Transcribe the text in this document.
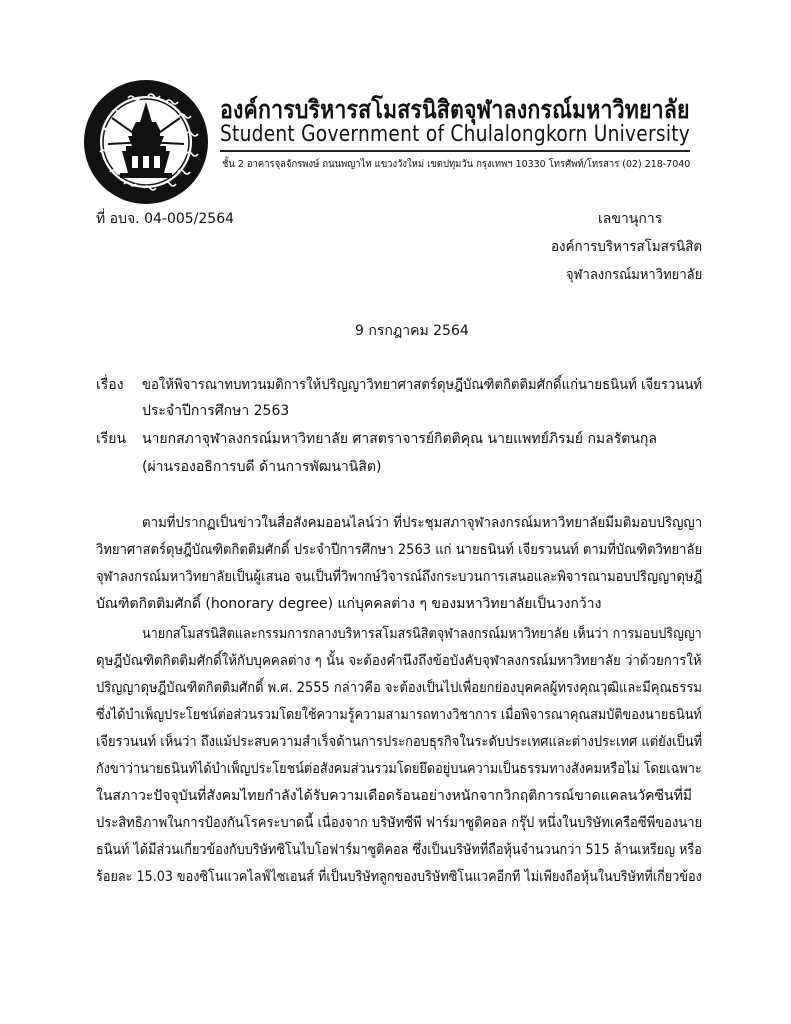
องค์การบริหารสโมสรนิสิตจุฬาลงกรณ์มหาวิทยาลัย
Student Government of Chulalongkorn University
ชั้น 2 อาคารจุลจักรพงษ์ ถนนพญาไท แขวงวังใหม่ เขตปทุมวัน กรุงเทพฯ 10330 โทรศัพท์/โทรสาร (02) 218-7040
ที่ อบจ. 04-005/2564	เลขานุการ
องค์การบริหารสโมสรนิสิต
จุฬาลงกรณ์มหาวิทยาลัย
9 กรกฎาคม 2564
เรื่อง ขอให้พิจารณาทบทวนมติการให้ปริญญาวิทยาศาสตร์ดุษฎีบัณฑิตกิตติมศักดิ์แก่นายธนินท์ เจียรวนนท์
ประจำปีการศึกษา 2563
เรียน นายกสภาจุฬาลงกรณ์มหาวิทยาลัย ศาสตราจารย์กิตติคุณ นายแพทย์ภิรมย์ กมลรัตนกุล
(ผ่านรองอธิการบดี ด้านการพัฒนานิสิต)
ตามที่ปรากฏเป็นข่าวในสื่อสังคมออนไลน์ว่า ที่ประชุมสภาจุฬาลงกรณ์มหาวิทยาลัยมีมติมอบปริญญา
วิทยาศาสตร์ดุษฎีบัณฑิตกิตติมศักดิ์ ประจำปีการศึกษา 2563 แก่ นายธนินท์ เจียรวนนท์ ตามที่บัณฑิตวิทยาลัย
จุฬาลงกรณ์มหาวิทยาลัยเป็นผู้เสนอ จนเป็นที่วิพากษ์วิจารณ์ถึงกระบวนการเสนอและพิจารณามอบปริญญาดุษฎี
บัณฑิตกิตติมศักดิ์ (honorary degree) แก่บุคคลต่าง ๆ ของมหาวิทยาลัยเป็นวงกว้าง
นายกสโมสรนิสิตและกรรมการกลางบริหารสโมสรนิสิตจุฬาลงกรณ์มหาวิทยาลัย เห็นว่า การมอบปริญญา
ดุษฎีบัณฑิตกิตติมศักดิ์ให้กับบุคคลต่าง ๆ นั้น จะต้องคำนึงถึงข้อบังคับจุฬาลงกรณ์มหาวิทยาลัย ว่าด้วยการให้
ปริญญาดุษฎีบัณฑิตกิตติมศักดิ์ พ.ศ. 2555 กล่าวคือ จะต้องเป็นไปเพื่อยกย่องบุคคลผู้ทรงคุณวุฒิและมีคุณธรรม
ซึ่งได้บำเพ็ญประโยชน์ต่อส่วนรวมโดยใช้ความรู้ความสามารถทางวิชาการ เมื่อพิจารณาคุณสมบัติของนายธนินท์
เจียรวนนท์ เห็นว่า ถึงแม้ประสบความสำเร็จด้านการประกอบธุรกิจในระดับประเทศและต่างประเทศ แต่ยังเป็นที่
กังขาว่านายธนินท์ได้บำเพ็ญประโยชน์ต่อสังคมส่วนรวมโดยยึดอยู่บนความเป็นธรรมทางสังคมหรือไม่ โดยเฉพาะ
ในสภาวะปัจจุบันที่สังคมไทยกำลังได้รับความเดือดร้อนอย่างหนักจากวิกฤติการณ์ขาดแคลนวัคซีนที่มี
ประสิทธิภาพในการป้องกันโรคระบาดนี้ เนื่องจาก บริษัทซีพี ฟาร์มาซูติคอล กรุ๊ป หนึ่งในบริษัทเครือซีพีของนาย
ธนินท์ ได้มีส่วนเกี่ยวข้องกับบริษัทซิโนไบโอฟาร์มาซูติคอล ซึ่งเป็นบริษัทที่ถือหุ้นจำนวนกว่า 515 ล้านเหรียญ หรือ
ร้อยละ 15.03 ของซิโนแวคไลฟ์ไซเอนส์ ที่เป็นบริษัทลูกของบริษัทซิโนแวคอีกที ไม่เพียงถือหุ้นในบริษัทที่เกี่ยวข้อง
